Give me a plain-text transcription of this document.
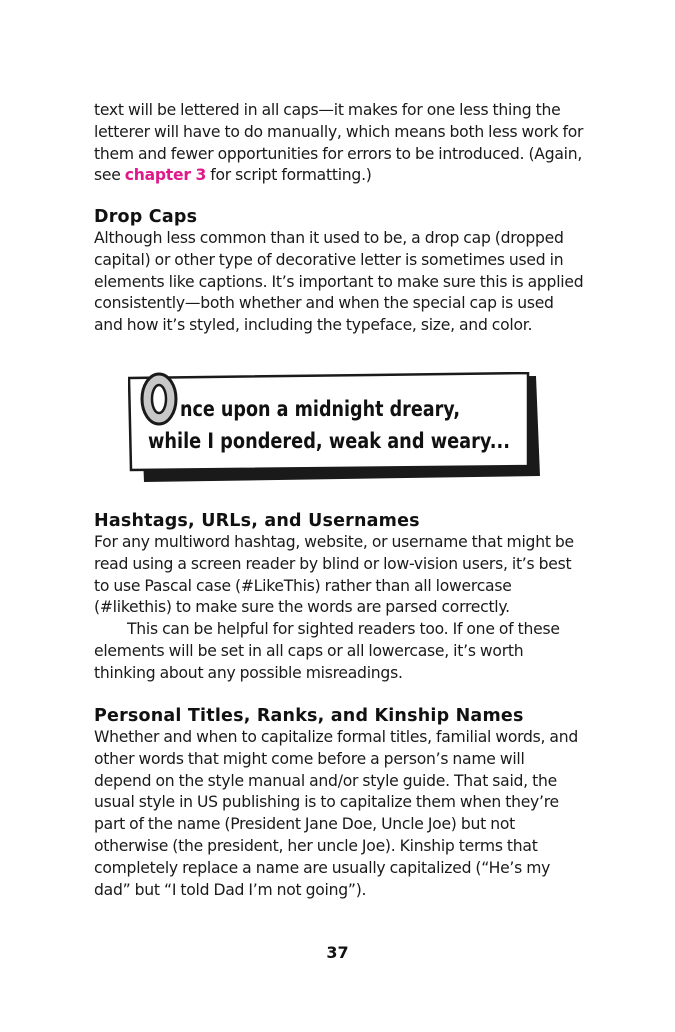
text will be lettered in all caps—it makes for one less thing the letterer will have to do manually, which means both less work for them and fewer opportunities for errors to be introduced. (Again, see chapter 3 for script formatting.)

Drop Caps

Although less common than it used to be, a drop cap (dropped capital) or other type of decorative letter is sometimes used in elements like captions. It’s important to make sure this is applied consistently—both whether and when the special cap is used and how it’s styled, including the typeface, size, and color.

nce upon a midnight dreary,
while I pondered, weak and weary...
Hashtags, URLs, and Usernames

For any multiword hashtag, website, or username that might be read using a screen reader by blind or low-vision users, it’s best to use Pascal case (#LikeThis) rather than all lowercase (#likethis) to make sure the words are parsed correctly.

This can be helpful for sighted readers too. If one of these elements will be set in all caps or all lowercase, it’s worth thinking about any possible misreadings.

Personal Titles, Ranks, and Kinship Names

Whether and when to capitalize formal titles, familial words, and other words that might come before a person’s name will depend on the style manual and/or style guide. That said, the usual style in US publishing is to capitalize them when they’re part of the name (President Jane Doe, Uncle Joe) but not otherwise (the president, her uncle Joe). Kinship terms that completely replace a name are usually capitalized (“He’s my dad” but “I told Dad I’m not going”).

37
